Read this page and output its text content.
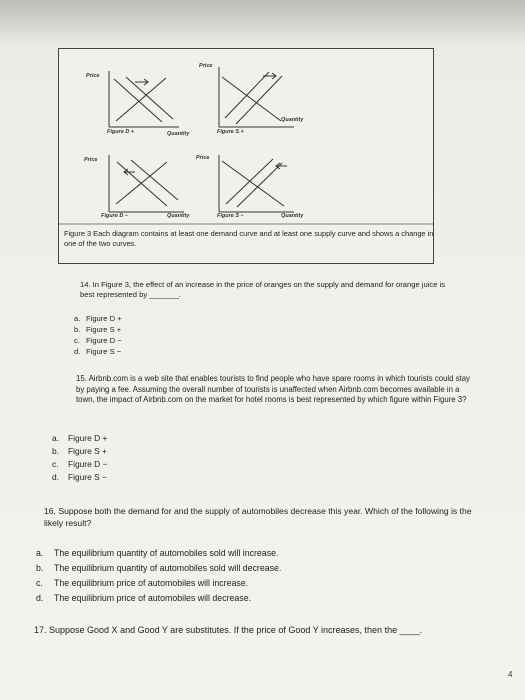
Price
Quantity
Figure D +
Price
Quantity
Figure S +
Price
Quantity
Figure D −
Price
Quantity
Figure S −
Figure 3 Each diagram contains at least one demand curve and at least one supply curve and shows a change in one of the two curves.
14. In Figure 3, the effect of an increase in the price of oranges on the supply and demand for orange juice is best represented by _______.
a. Figure D +
b. Figure S +
c. Figure D −
d. Figure S −
15. Airbnb.com is a web site that enables tourists to find people who have spare rooms in which tourists could stay by paying a fee. Assuming the overall number of tourists is unaffected when Airbnb.com becomes available in a town, the impact of Airbnb.com on the market for hotel rooms is best represented by which figure within Figure 3?
a. Figure D +
b. Figure S +
c. Figure D −
d. Figure S −
16. Suppose both the demand for and the supply of automobiles decrease this year. Which of the following is the likely result?
a. The equilibrium quantity of automobiles sold will increase.
b. The equilibrium quantity of automobiles sold will decrease.
c. The equilibrium price of automobiles will increase.
d. The equilibrium price of automobiles will decrease.
17. Suppose Good X and Good Y are substitutes. If the price of Good Y increases, then the ____.
4
